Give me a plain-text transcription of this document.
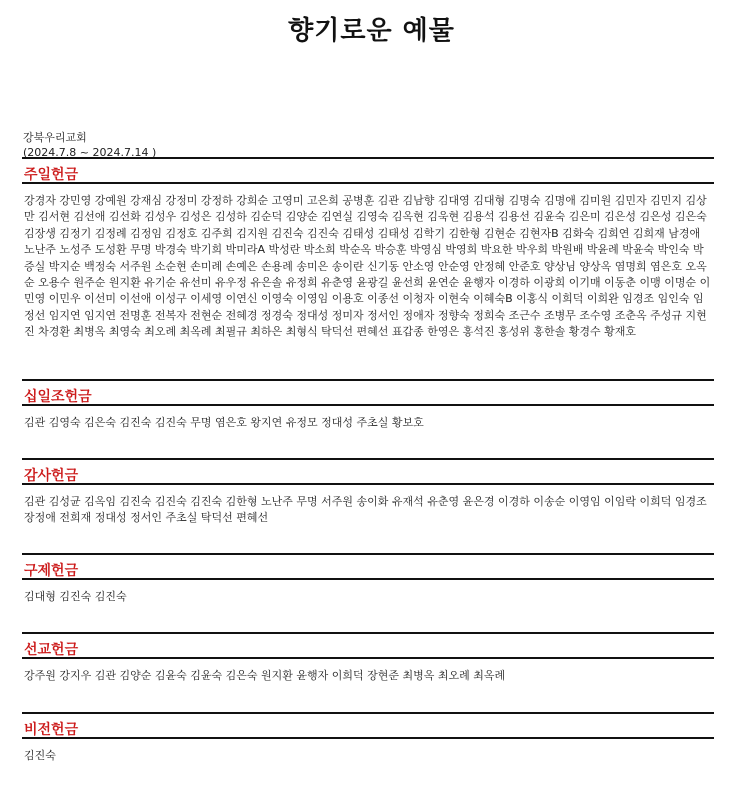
향기로운 예물
강북우리교회
(2024.7.8 ~ 2024.7.14 )
주일헌금
강경자 강민영 강예원 강재심 강정미 강정하 강희순 고영미 고은희 공병훈 김관 김남향 김대영 김대형 김명숙 김명애 김미원 김민자 김민지 김상만 김서현 김선애 김선화 김성우 김성은 김성하 김순덕 김양순 김연실 김영숙 김옥현 김욱현 김용석 김용선 김윤숙 김은미 김은성 김은성 김은숙 김장생 김정기 김정례 김정임 김정호 김주희 김지원 김진숙 김진숙 김태성 김태성 김학기 김한형 김현순 김현자B 김화숙 김희연 김희재 남경애 노난주 노성주 도성환 무명 박경숙 박기희 박미라A 박성란 박소희 박순옥 박승훈 박영심 박영희 박요한 박우희 박원배 박윤례 박윤숙 박인숙 박증실 박지순 백정숙 서주원 소순현 손미례 손예은 손용례 송미은 송이란 신기동 안소영 안순영 안정혜 안준호 양상님 양상옥 염명희 염은호 오옥순 오용수 원주순 원지환 유기순 유선미 유우정 유은솔 유정희 유춘영 윤광길 윤선희 윤연순 윤행자 이경하 이광희 이기매 이동춘 이맹 이명순 이민영 이민우 이선미 이선애 이성구 이세영 이연신 이영숙 이영임 이용호 이종선 이청자 이현숙 이혜숙B 이홍식 이희덕 이희완 임경조 임인숙 임정선 임지연 임지연 전명훈 전복자 전현순 전혜경 정경숙 정대성 정미자 정서인 정애자 정향숙 정희숙 조근수 조병무 조수영 조춘옥 주성규 지현진 차경환 최병옥 최영숙 최오례 최옥례 최필규 최하은 최형식 탁덕선 편혜선 표갑종 한영은 홍석진 홍성위 홍한솔 황경수 황재호
십일조헌금
김관 김영숙 김은숙 김진숙 김진숙 무명 염은호 왕지연 유정모 정대성 주초실 황보호
감사헌금
김관 김성균 김옥임 김진숙 김진숙 김진숙 김한형 노난주 무명 서주원 송이화 유재석 유춘영 윤은경 이경하 이송순 이영임 이임락 이희덕 임경조 장정애 전희재 정대성 정서인 주초실 탁덕선 편혜선
구제헌금
김대형 김진숙 김진숙
선교헌금
강주원 강지우 김관 김양순 김윤숙 김윤숙 김은숙 원지환 윤행자 이희덕 장현준 최병옥 최오례 최옥례
비전헌금
김진숙
